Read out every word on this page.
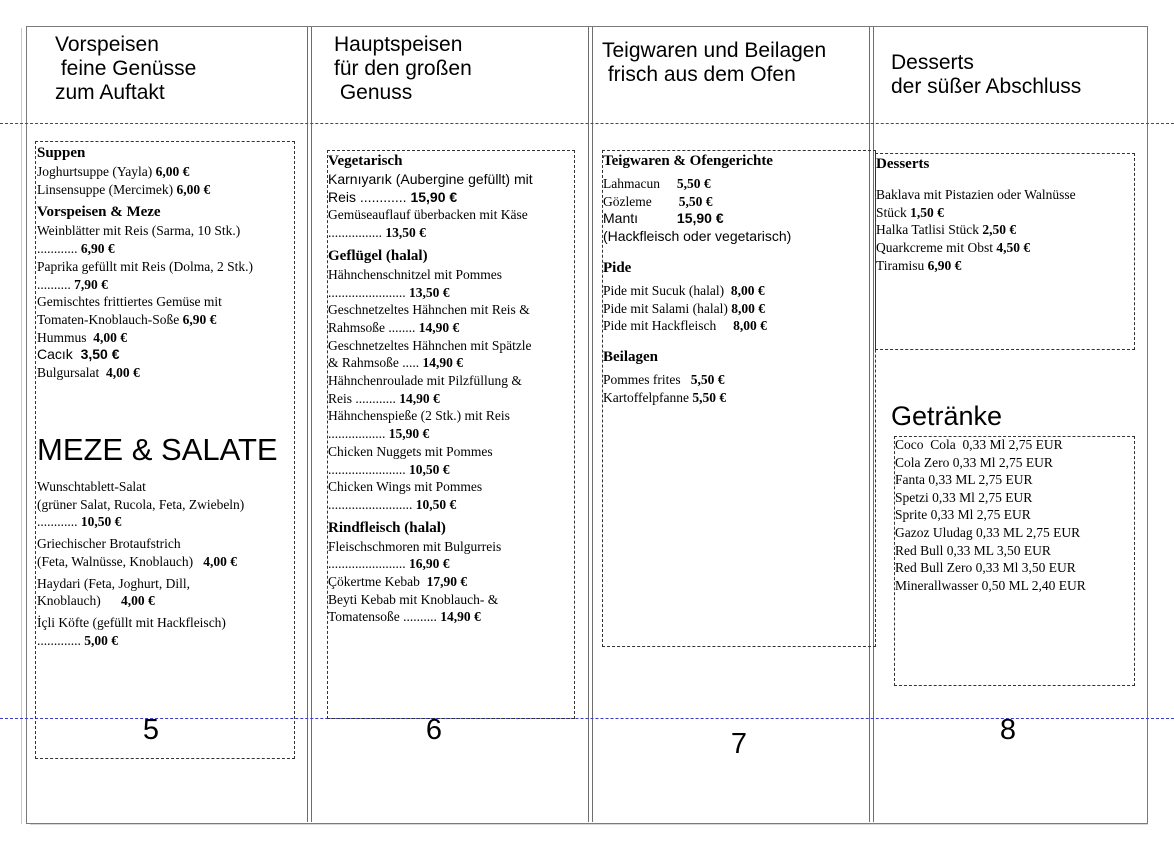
Vorspeisen
feine Genüsse
zum Auftakt
Hauptspeisen
für den großen
Genuss
Teigwaren und Beilagen
frisch aus dem Ofen
Desserts
der süßer Abschluss
Suppen
Joghurtsuppe (Yayla) 6,00 €
Linsensuppe (Mercimek) 6,00 €
Vorspeisen & Meze
Weinblätter mit Reis (Sarma, 10 Stk.)
............ 6,90 €
Paprika gefüllt mit Reis (Dolma, 2 Stk.)
.......... 7,90 €
Gemischtes frittiertes Gemüse mit
Tomaten-Knoblauch-Soße 6,90 €
Hummus  4,00 €
Cacık  3,50 €
Bulgursalat  4,00 €
MEZE & SALATE
Wunschtablett-Salat
(grüner Salat, Rucola, Feta, Zwiebeln)
............ 10,50 €
Griechischer Brotaufstrich
(Feta, Walnüsse, Knoblauch)   4,00 €
Haydari (Feta, Joghurt, Dill,
Knoblauch)      4,00 €
İçli Köfte (gefüllt mit Hackfleisch)
............. 5,00 €
Vegetarisch
Karnıyarık (Aubergine gefüllt) mit
Reis ............ 15,90 €
Gemüseauflauf überbacken mit Käse
................ 13,50 €
Geflügel (halal)
Hähnchenschnitzel mit Pommes
....................... 13,50 €
Geschnetzeltes Hähnchen mit Reis &
Rahmsoße ........ 14,90 €
Geschnetzeltes Hähnchen mit Spätzle
& Rahmsoße ..... 14,90 €
Hähnchenroulade mit Pilzfüllung &
Reis ............ 14,90 €
Hähnchenspieße (2 Stk.) mit Reis
................. 15,90 €
Chicken Nuggets mit Pommes
....................... 10,50 €
Chicken Wings mit Pommes
......................... 10,50 €
Rindfleisch (halal)
Fleischschmoren mit Bulgurreis
....................... 16,90 €
Çökertme Kebab  17,90 €
Beyti Kebab mit Knoblauch- &
Tomatensoße .......... 14,90 €
Teigwaren & Ofengerichte
Lahmacun     5,50 €
Gözleme        5,50 €
Mantı          15,90 €
(Hackfleisch oder vegetarisch)
Pide
Pide mit Sucuk (halal)  8,00 €
Pide mit Salami (halal) 8,00 €
Pide mit Hackfleisch     8,00 €
Beilagen
Pommes frites   5,50 €
Kartoffelpfanne 5,50 €
Desserts
Baklava mit Pistazien oder Walnüsse
Stück 1,50 €
Halka Tatlisi Stück 2,50 €
Quarkcreme mit Obst 4,50 €
Tiramisu 6,90 €
Getränke
Coco  Cola  0,33 Ml 2,75 EUR
Cola Zero 0,33 Ml 2,75 EUR
Fanta 0,33 ML 2,75 EUR
Spetzi 0,33 Ml 2,75 EUR
Sprite 0,33 Ml 2,75 EUR
Gazoz Uludag 0,33 ML 2,75 EUR
Red Bull 0,33 ML 3,50 EUR
Red Bull Zero 0,33 Ml 3,50 EUR
Minerallwasser 0,50 ML 2,40 EUR
5	6	7	8
